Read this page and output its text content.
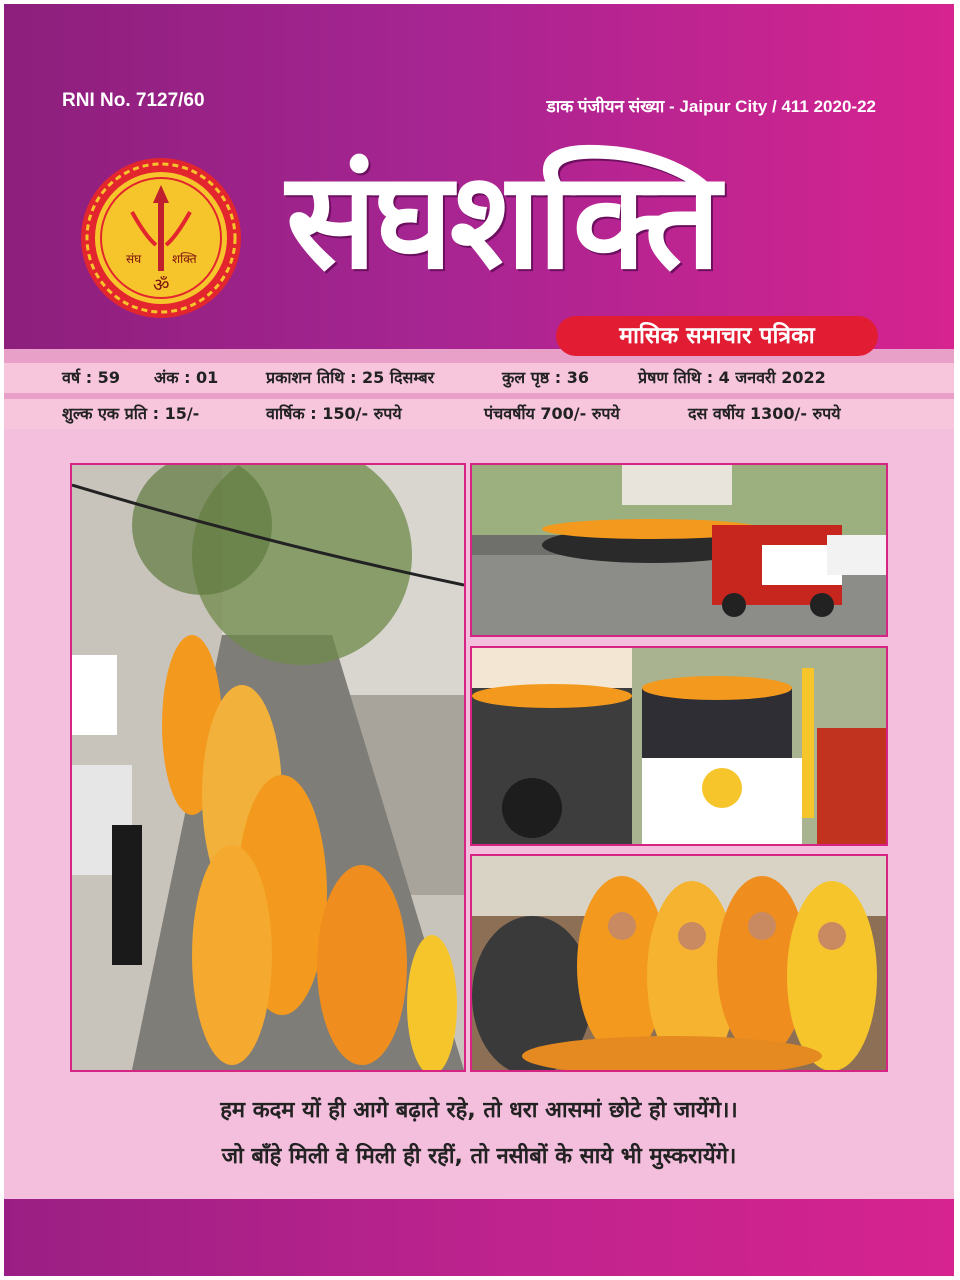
RNI No. 7127/60	डाक पंजीयन संख्या - Jaipur City / 411 2020-22
संघ	शक्ति
ॐ संघशक्ति
मासिक समाचार पत्रिका
वर्ष : 59 अंक : 01	प्रकाशन तिथि : 25 दिसम्बर	कुल पृष्ठ : 36	प्रेषण तिथि : 4 जनवरी 2022
शुल्क एक प्रति : 15/-	वार्षिक : 150/- रुपये	पंचवर्षीय 700/- रुपये	दस वर्षीय 1300/- रुपये
हम कदम यों ही आगे बढ़ाते रहे, तो धरा आसमां छोटे हो जायेंगे।।
जो बाँहे मिली वे मिली ही रहीं, तो नसीबों के साये भी मुस्करायेंगे।
